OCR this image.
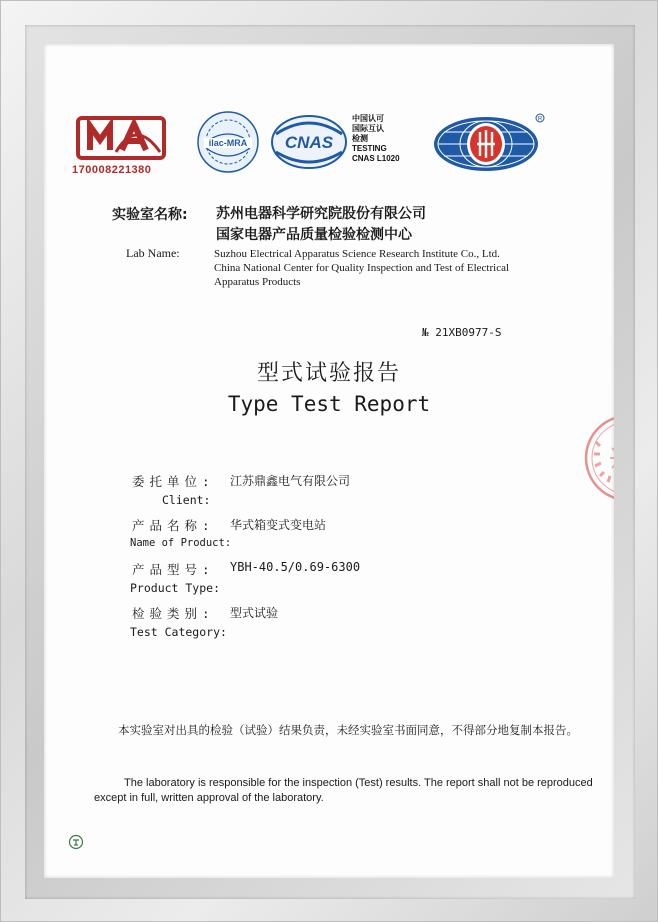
170008221380
ilac-MRA CNAS
中国认可
国际互认
检测
TESTING
CNAS L1020
R
实验室名称: 苏州电器科学研究院股份有限公司
国家电器产品质量检验检测中心
Lab Name:	Suzhou Electrical Apparatus Science Research Institute Co., Ltd.
China National Center for Quality Inspection and Test of Electrical
Apparatus Products
№ 21XB0977-S
型式试验报告
Type Test Report
委托单位: 江苏鼎鑫电气有限公司
Client:
产品名称: 华式箱变式变电站
Name of Product:
产品型号: YBH-40.5/0.69-6300
Product Type:
检验类别: 型式试验
Test Category:
本实验室对出具的检验（试验）结果负责，未经实验室书面同意，不得部分地复制本报告。
The laboratory is responsible for the inspection (Test) results. The report shall not be reproduced except in full, written approval of the laboratory.
